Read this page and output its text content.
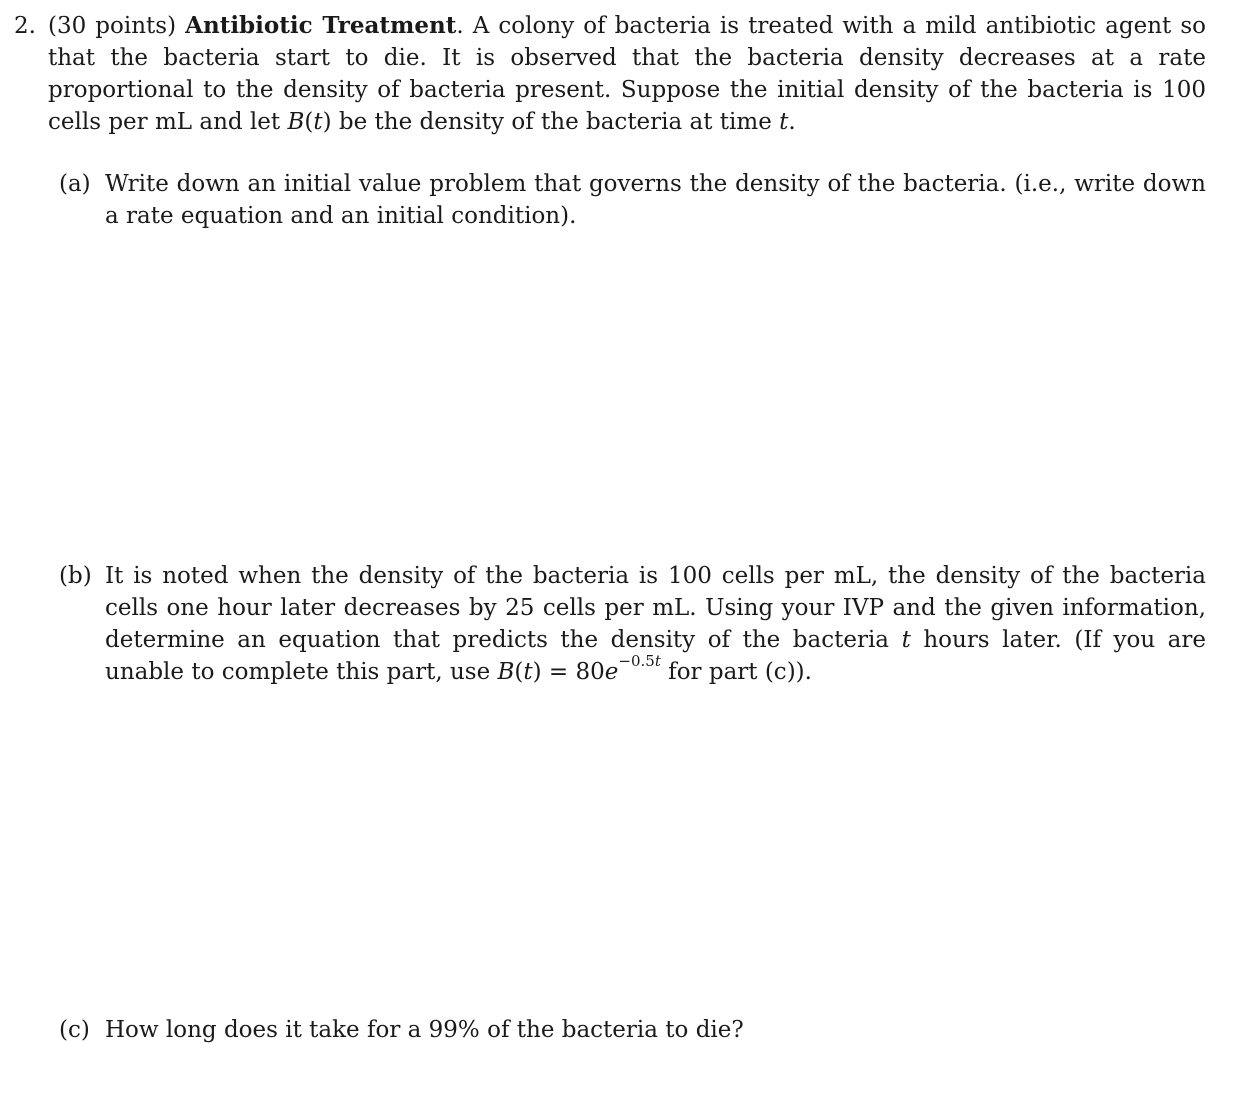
2. (30 points) Antibiotic Treatment. A colony of bacteria is treated with a mild antibiotic agent so that the bacteria start to die. It is observed that the bacteria density decreases at a rate proportional to the density of bacteria present. Suppose the initial density of the bacteria is 100 cells per mL and let B(t) be the density of the bacteria at time t.
(a) Write down an initial value problem that governs the density of the bacteria. (i.e., write down a rate equation and an initial condition).
(b) It is noted when the density of the bacteria is 100 cells per mL, the density of the bacteria cells one hour later decreases by 25 cells per mL. Using your IVP and the given information, determine an equation that predicts the density of the bacteria t hours later. (If you are unable to complete this part, use $B(t) = 80e^{-0.5t}$ for part (c)).
(c) How long does it take for a 99% of the bacteria to die?
